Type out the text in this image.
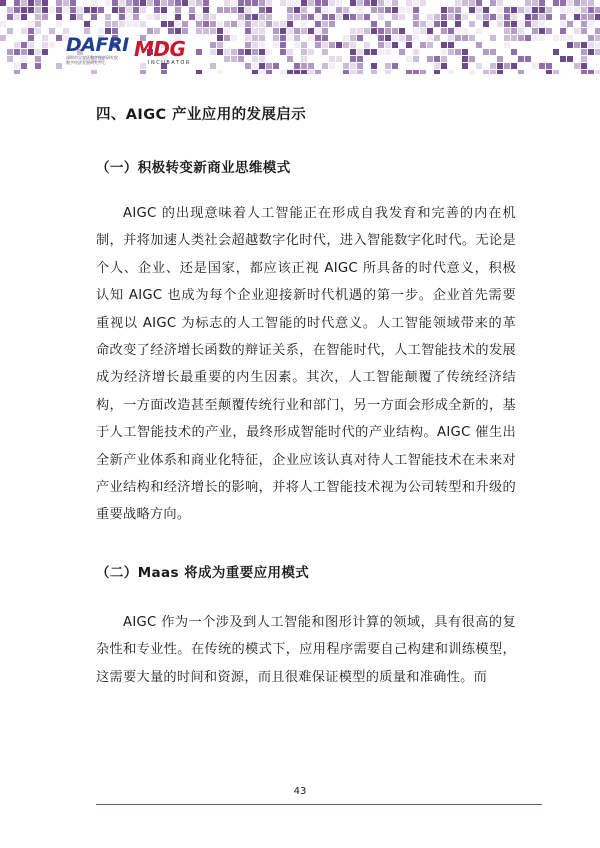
DAFRI
深圳市宝安区数字经济研究院
数字经济发展研究中心
MDG
INCUBATOR
四、AIGC 产业应用的发展启示
（一）积极转变新商业思维模式

AIGC 的出现意味着人工智能正在形成自我发育和完善的内在机制，并将加速人类社会超越数字化时代，进入智能数字化时代。无论是个人、企业、还是国家，都应该正视 AIGC 所具备的时代意义，积极认知 AIGC 也成为每个企业迎接新时代机遇的第一步。企业首先需要重视以 AIGC 为标志的人工智能的时代意义。人工智能领域带来的革命改变了经济增长函数的辩证关系，在智能时代，人工智能技术的发展成为经济增长最重要的内生因素。其次，人工智能颠覆了传统经济结构，一方面改造甚至颠覆传统行业和部门，另一方面会形成全新的，基于人工智能技术的产业，最终形成智能时代的产业结构。AIGC 催生出全新产业体系和商业化特征，企业应该认真对待人工智能技术在未来对产业结构和经济增长的影响，并将人工智能技术视为公司转型和升级的重要战略方向。

（二）Maas 将成为重要应用模式

AIGC 作为一个涉及到人工智能和图形计算的领域，具有很高的复杂性和专业性。在传统的模式下，应用程序需要自己构建和训练模型，这需要大量的时间和资源，而且很难保证模型的质量和准确性。而

43
